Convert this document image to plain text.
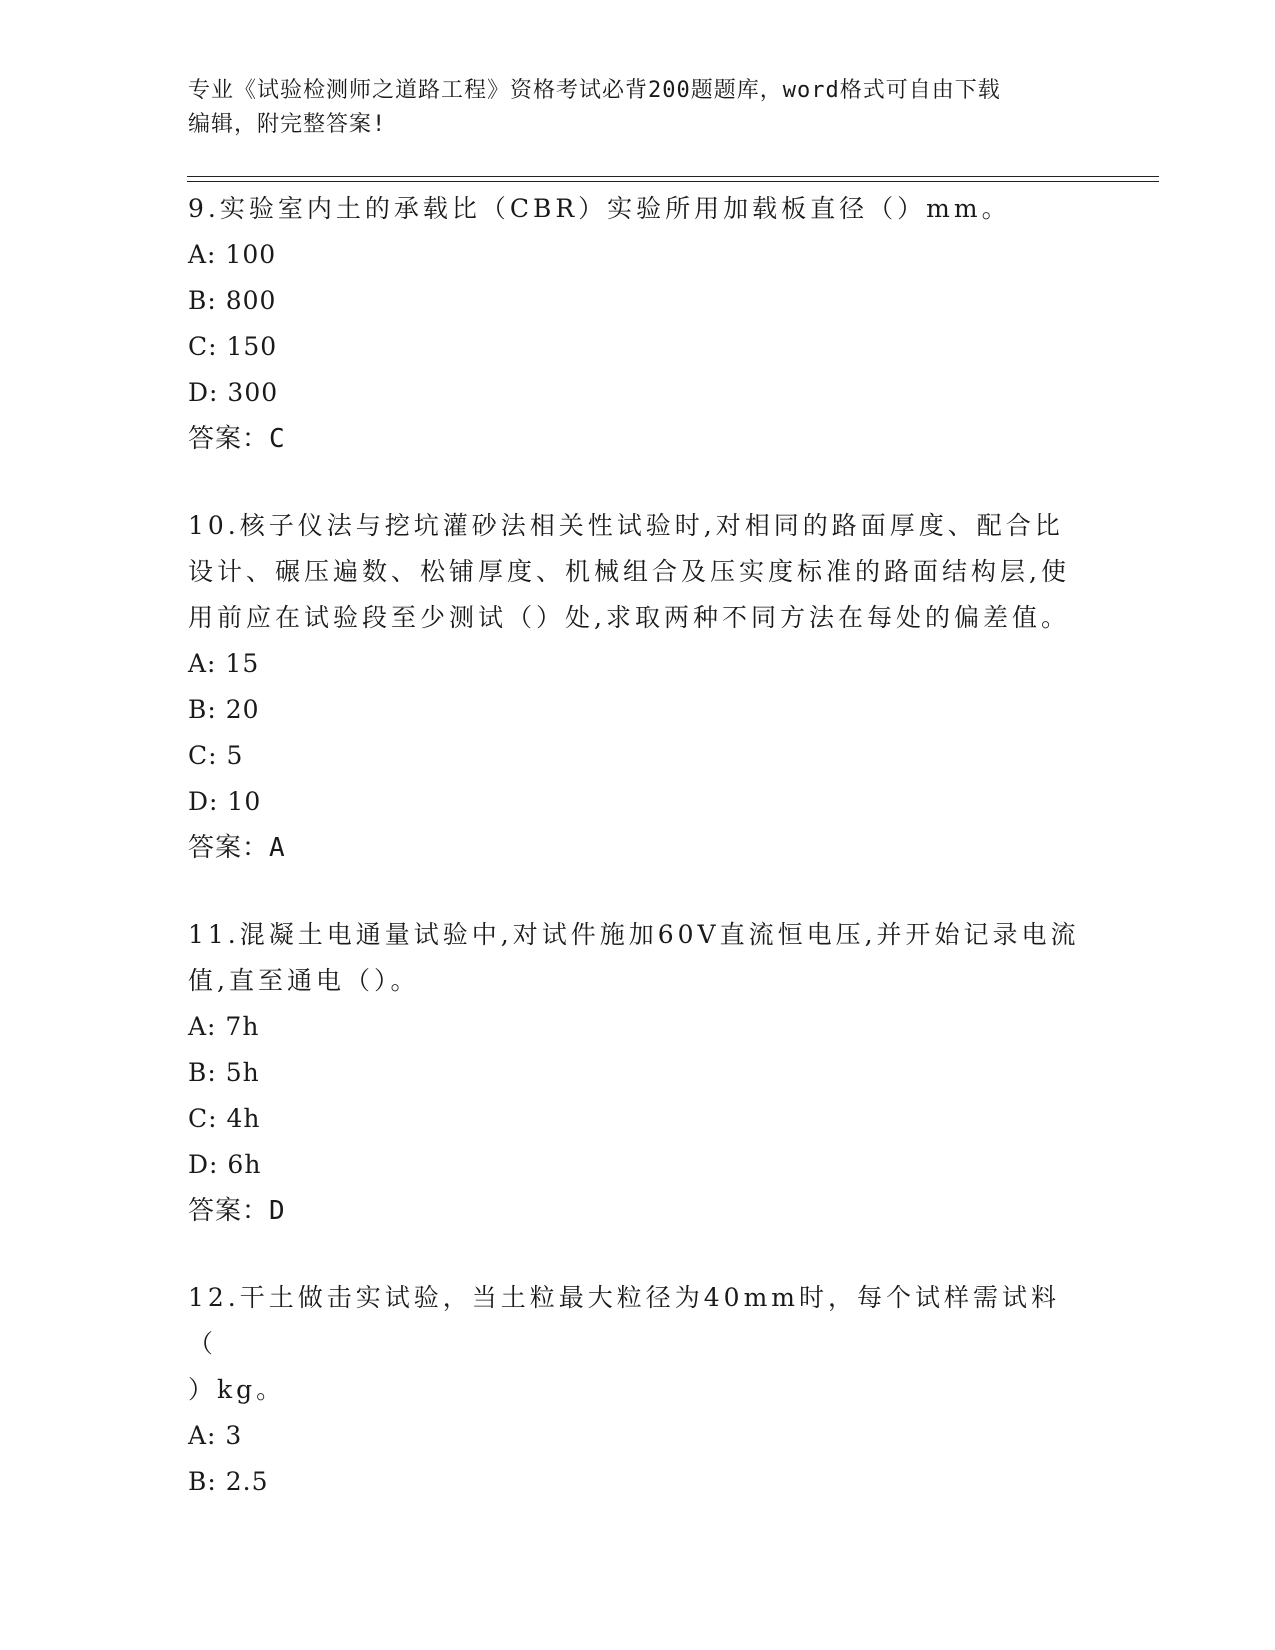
专业《试验检测师之道路工程》资格考试必背200题题库，word格式可自由下载
编辑，附完整答案!

9.实验室内土的承载比（CBR）实验所用加载板直径（）mm。

A: 100

B: 800

C: 150

D: 300

答案：C

10.核子仪法与挖坑灌砂法相关性试验时,对相同的路面厚度、配合比

设计、碾压遍数、松铺厚度、机械组合及压实度标准的路面结构层,使

用前应在试验段至少测试（）处,求取两种不同方法在每处的偏差值。

A: 15

B: 20

C: 5

D: 10

答案：A

11.混凝土电通量试验中,对试件施加60V直流恒电压,并开始记录电流

值,直至通电（）。

A: 7h

B: 5h

C: 4h

D: 6h

答案：D

12.干土做击实试验，当土粒最大粒径为40mm时，每个试样需试料（

）kg。

A: 3

B: 2.5
